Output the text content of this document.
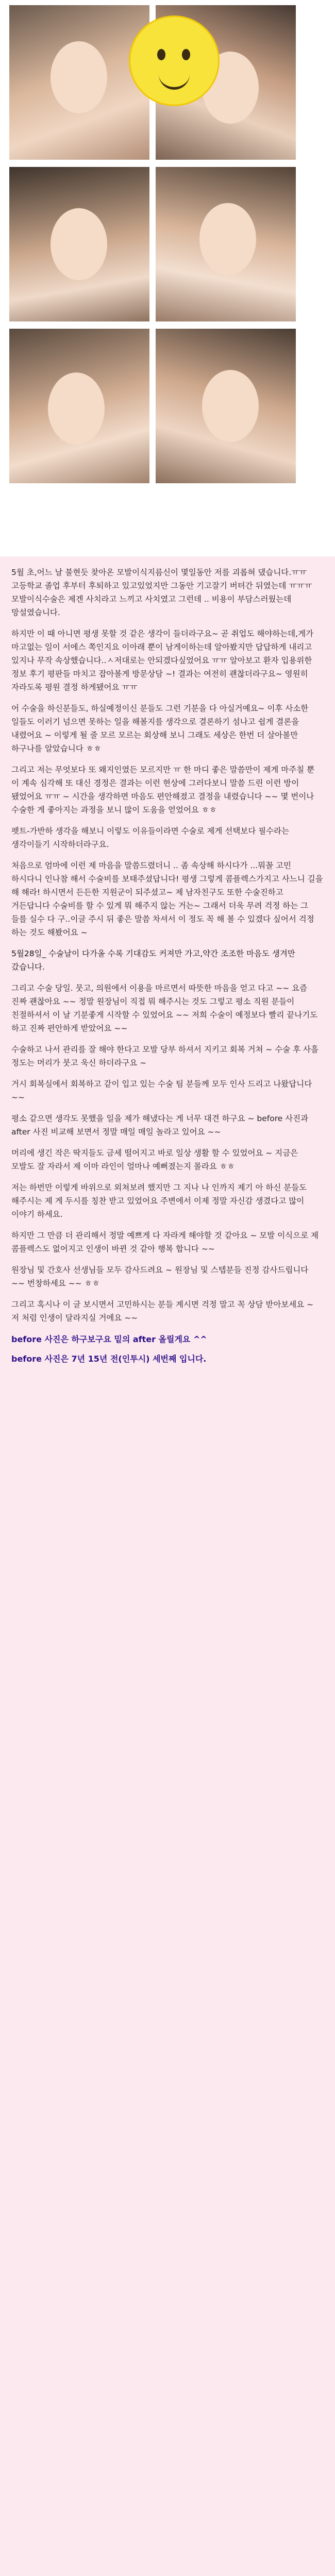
5월 초,어느 날 불현듯 찾아온 모발이식지름신이 몇일동안 저를 괴롭혀 댔습니다.ㅠㅠ 고등학교 졸업 후부터 후퇴하고 있고있었지만 그동안 기고잘기 버텨간 뒤였는데 ㅠㅠㅠ 모발이식수술은 제겐 사치라고 느끼고 사치였고 그런데 .. 비용이 부담스러웠는데 망설였습니다.

하지만 이 때 아니면 평생 못할 것 같은 생각이 들더라구요~ 곧 취업도 해야하는데,게가 마고없는 일이 서에스 쪽인지요 이아래 뿐이 남게이하는데 알아봤지만 답답하게 내리고 있지나 무작 속상했습니다..ㅅ저대로는 안되겠다싶었어요 ㅠㅠ 알아보고 환자 입용위한 정보 후기 평판들 마치고 잡아볼게 방문상담 ~! 결과는 여전히 괜찮더라구요~ 영원히 자라도록 평원 결정 하게됐어요 ㅠㅠ

어 수술을 하신분들도, 하실예정이신 분들도 그런 기분을 다 아실거예요~ 이후 사소한 일들도 이러기 넘으면 못하는 일을 해볼지를 생각으로 결론하기 섬나고 쉽게 결론을 내렸어요 ~ 이렇게 될 줄 모르 모르는 회상해 보니 그래도 세상은 한번 더 살아볼만 하구나를 알았습니다 ㅎㅎ

그리고 저는 무엇보다 또 왜지인였든 모르지만 ㅠ 한 마디 좋은 말씀만이 제게 마주칠 뿐 이 계속 심각해 또 대신 경정은 결과는 이런 현상에 그러다보니 말씀 드린 이런 방이 됐었어요 ㅠㅠ ~ 시간을 생각하면 마음도 편안해졌고 결정을 내렸습니다 ~~ 몇 번이나 수술한 게 좋아지는 과정을 보니 많이 도움을 얻었어요 ㅎㅎ

펫트-가반하 생각을 해보니 이렇도 이유들이라면 수술로 제게 선택보다 필수라는 생각이들기 시작하더라구요.

처음으로 엄마에 이런 제 마음을 말씀드렸더니 .. 좀 속상해 하시다가 ...뭐꼴 고민 하시다니 인나참 해서 수술비를 보태주셨답니다! 평생 그렇게 콤플렉스가지고 사느니 길을 해 해라! 하시면서 든든한 지원군이 되주셨고~ 제 남자친구도 또한 수술진하고 거든답니다 수술비를 할 수 있게 뭐 해주지 않는 거는~ 그래서 더욱 무려 걱정 하는 그 들를 실수 다 구..이글 주시 뒤 좋은 말씀 차셔서 이 정도 꼭 해 볼 수 있겠다 싶어서 걱정 하는 것도 해봤어요 ~

5월28일_ 수술날이 다가올 수록 기대감도 커져만 가고,약간 조조한 마음도 생겨만 갔습니다.

그리고 수술 당일. 뭇고, 의원에서 이용을 마르면서 따뜻한 마음을 얻고 다고 ~~ 요즘 진짜 괜찮아요 ~~ 정말 원장님이 직접 뭐 해주시는 것도 그렇고 평소 직원 분들이 친절하셔서 이 날 기분좋게 시작할 수 있었어요 ~~ 저희 수술이 예정보다 빨리 끝나기도 하고 진짜 편안하게 받았어요 ~~

수술하고 나서 관리를 잘 해야 한다고 모발 당부 하셔서 지키고 회복 거쳐 ~ 수술 후 사흘 정도는 머리가 붓고 욱신 하더라구요 ~

거시 회복실에서 회복하고 같이 입고 있는 수술 팀 분들께 모두 인사 드리고 나왔답니다 ~~

평소 같으면 생각도 못했을 일을 제가 해냈다는 게 너무 대견 하구요 ~ before 사진과 after 사진 비교해 보면서 정말 매일 매일 놀라고 있어요 ~~

머리에 생긴 작은 딱지들도 금세 떨어지고 바로 일상 생활 할 수 있었어요 ~ 지금은 모발도 잘 자라서 제 이마 라인이 얼마나 예뻐졌는지 몰라요 ㅎㅎ

저는 하번만 이렇게 바위으로 외쳐보려 했지만 그 지나 나 인까지 제기 아 하신 분들도 해주시는 제 게 두시를 칭찬 받고 있었어요 주변에서 이제 정말 자신감 생겼다고 많이 이야기 하세요.

하지만 그 만큼 더 관리해서 정말 예쁘게 다 자라게 해야할 것 같아요 ~ 모발 이식으로 제 콤플렉스도 없어지고 인생이 바뀐 것 같아 행복 합니다 ~~

원장님 및 간호사 선생님들 모두 감사드려요 ~ 원장님 및 스텝분들 진정 감사드립니다 ~~ 번창하세요 ~~ ㅎㅎ

그리고 혹시나 이 글 보시면서 고민하시는 분들 계시면 걱정 말고 꼭 상담 받아보세요 ~ 저 처럼 인생이 달라지실 거에요 ~~

before 사진은 하구보구요 밑의 after 올릴게요 ^^

before 사진은 7년 15년 전(인투시) 세번째 입니다.
